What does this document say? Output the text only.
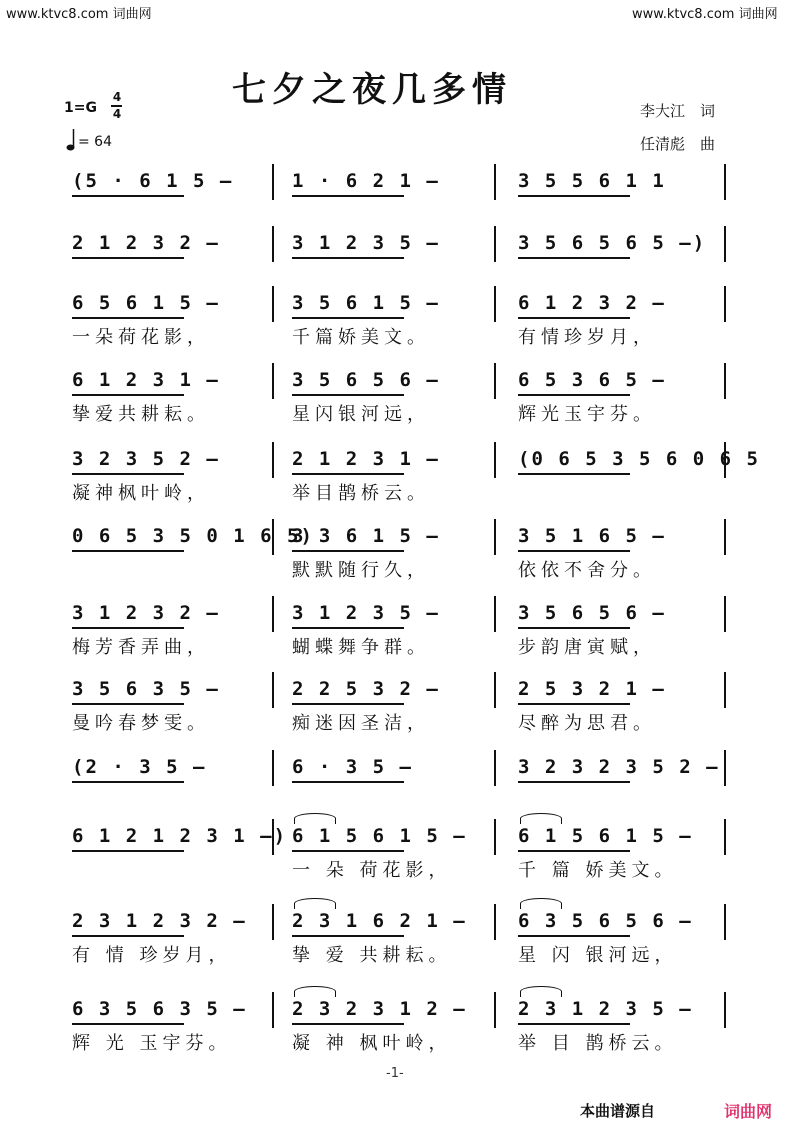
www.ktvc8.com 词曲网	www.ktvc8.com 词曲网
七夕之夜几多情
1=G
4
4
= 64
李大江　词
任清彪　曲
(5 · 6 1 5 –	1 · 6 2 1 –	3 5 5 6 1 1
2 1 2 3 2 –	3 1 2 3 5 –	3 5 6 5 6 5 –)
6 5 6 1 5 –
一朵荷花影，
3 5 6 1 5 –
千篇娇美文。
6 1 2 3 2 –
有情珍岁月，
6 1 2 3 1 –
挚爱共耕耘。
3 5 6 5 6 –
星闪银河远，
6 5 3 6 5 –
辉光玉宇芬。
3 2 3 5 2 –
凝神枫叶岭，
2 1 2 3 1 –
举目鹊桥云。
(0 6 5 3 5 6 0 6 5
0 6 5 3 5 0 1 6 5)
3 3 6 1 5 –
默默随行久，
3 5 1 6 5 –
依依不舍分。
3 1 2 3 2 –
梅芳香弄曲，
3 1 2 3 5 –
蝴蝶舞争群。
3 5 6 5 6 –
步韵唐寅赋，
3 5 6 3 5 –
曼吟春梦雯。
2 2 5 3 2 –
痴迷因圣洁，
2 5 3 2 1 –
尽醉为思君。
(2 · 3 5 –	6 · 3 5 –	3 2 3 2 3 5 2 –
6 1 2 1 2 3 1 –) 6 1 5 6 1 5 –
一 朵 荷花影，
6 1 5 6 1 5 –
千 篇 娇美文。
2 3 1 2 3 2 –
有 情 珍岁月，
2 3 1 6 2 1 –
挚 爱 共耕耘。
6 3 5 6 5 6 –
星 闪 银河远，
6 3 5 6 3 5 –
辉 光 玉宇芬。
2 3 2 3 1 2 –
凝 神 枫叶岭，
2 3 1 2 3 5 –
举 目 鹊桥云。
-1-
本曲谱源自	词曲网
